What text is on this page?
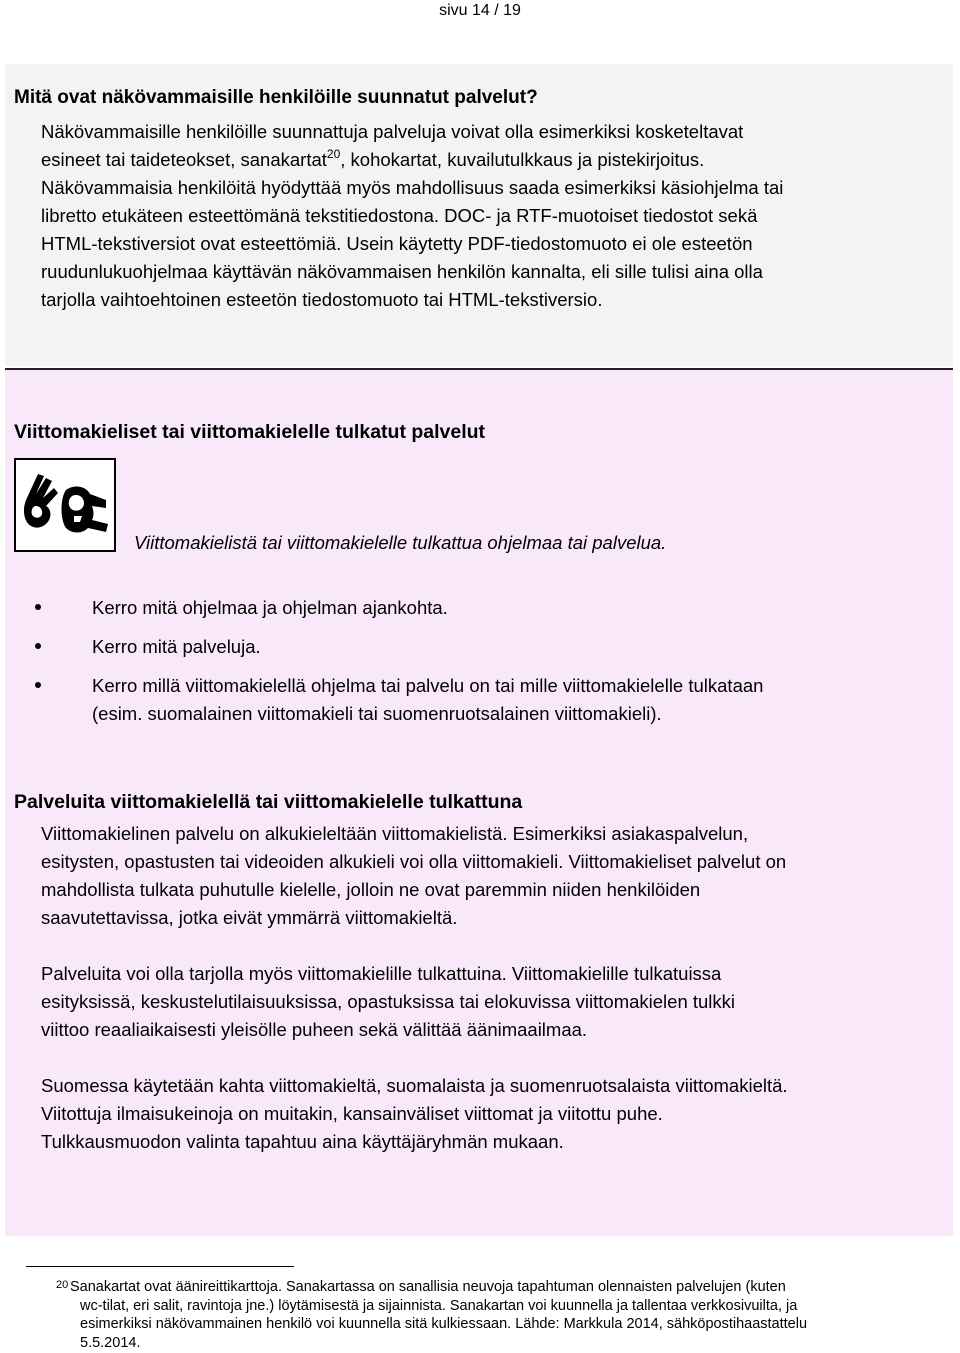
sivu 14 / 19
Mitä ovat näkövammaisille henkilöille suunnatut palvelut?

Näkövammaisille henkilöille suunnattuja palveluja voivat olla esimerkiksi kosketeltavat
esineet tai taideteokset, sanakartat$^{20}$, kohokartat, kuvailutulkkaus ja pistekirjoitus.
Näkövammaisia henkilöitä hyödyttää myös mahdollisuus saada esimerkiksi käsiohjelma tai
libretto etukäteen esteettömänä tekstitiedostona. DOC- ja RTF-muotoiset tiedostot sekä
HTML-tekstiversiot ovat esteettömiä. Usein käytetty PDF-tiedostomuoto ei ole esteetön
ruudunlukuohjelmaa käyttävän näkövammaisen henkilön kannalta, eli sille tulisi aina olla
tarjolla vaihtoehtoinen esteetön tiedostomuoto tai HTML-tekstiversio.

Viittomakieliset tai viittomakielelle tulkatut palvelut

Viittomakielistä tai viittomakielelle tulkattua ohjelmaa tai palvelua.

Kerro mitä ohjelmaa ja ohjelman ajankohta.
Kerro mitä palveluja.
Kerro millä viittomakielellä ohjelma tai palvelu on tai mille viittomakielelle tulkataan
(esim. suomalainen viittomakieli tai suomenruotsalainen viittomakieli).
Palveluita viittomakielellä tai viittomakielelle tulkattuna

Viittomakielinen palvelu on alkukieleltään viittomakielistä. Esimerkiksi asiakaspalvelun,
esitysten, opastusten tai videoiden alkukieli voi olla viittomakieli. Viittomakieliset palvelut on
mahdollista tulkata puhutulle kielelle, jolloin ne ovat paremmin niiden henkilöiden
saavutettavissa, jotka eivät ymmärrä viittomakieltä.

Palveluita voi olla tarjolla myös viittomakielille tulkattuina. Viittomakielille tulkatuissa
esityksissä, keskustelutilaisuuksissa, opastuksissa tai elokuvissa viittomakielen tulkki
viittoo reaaliaikaisesti yleisölle puheen sekä välittää äänimaailmaa.

Suomessa käytetään kahta viittomakieltä, suomalaista ja suomenruotsalaista viittomakieltä.
Viitottuja ilmaisukeinoja on muitakin, kansainväliset viittomat ja viitottu puhe.
Tulkkausmuodon valinta tapahtuu aina käyttäjäryhmän mukaan.

20 Sanakartat ovat äänireittikarttoja. Sanakartassa on sanallisia neuvoja tapahtuman olennaisten palvelujen (kuten
wc-tilat, eri salit, ravintoja jne.) löytämisestä ja sijainnista. Sanakartan voi kuunnella ja tallentaa verkkosivuilta, ja
esimerkiksi näkövammainen henkilö voi kuunnella sitä kulkiessaan. Lähde: Markkula 2014, sähköpostihaastattelu
5.5.2014.
